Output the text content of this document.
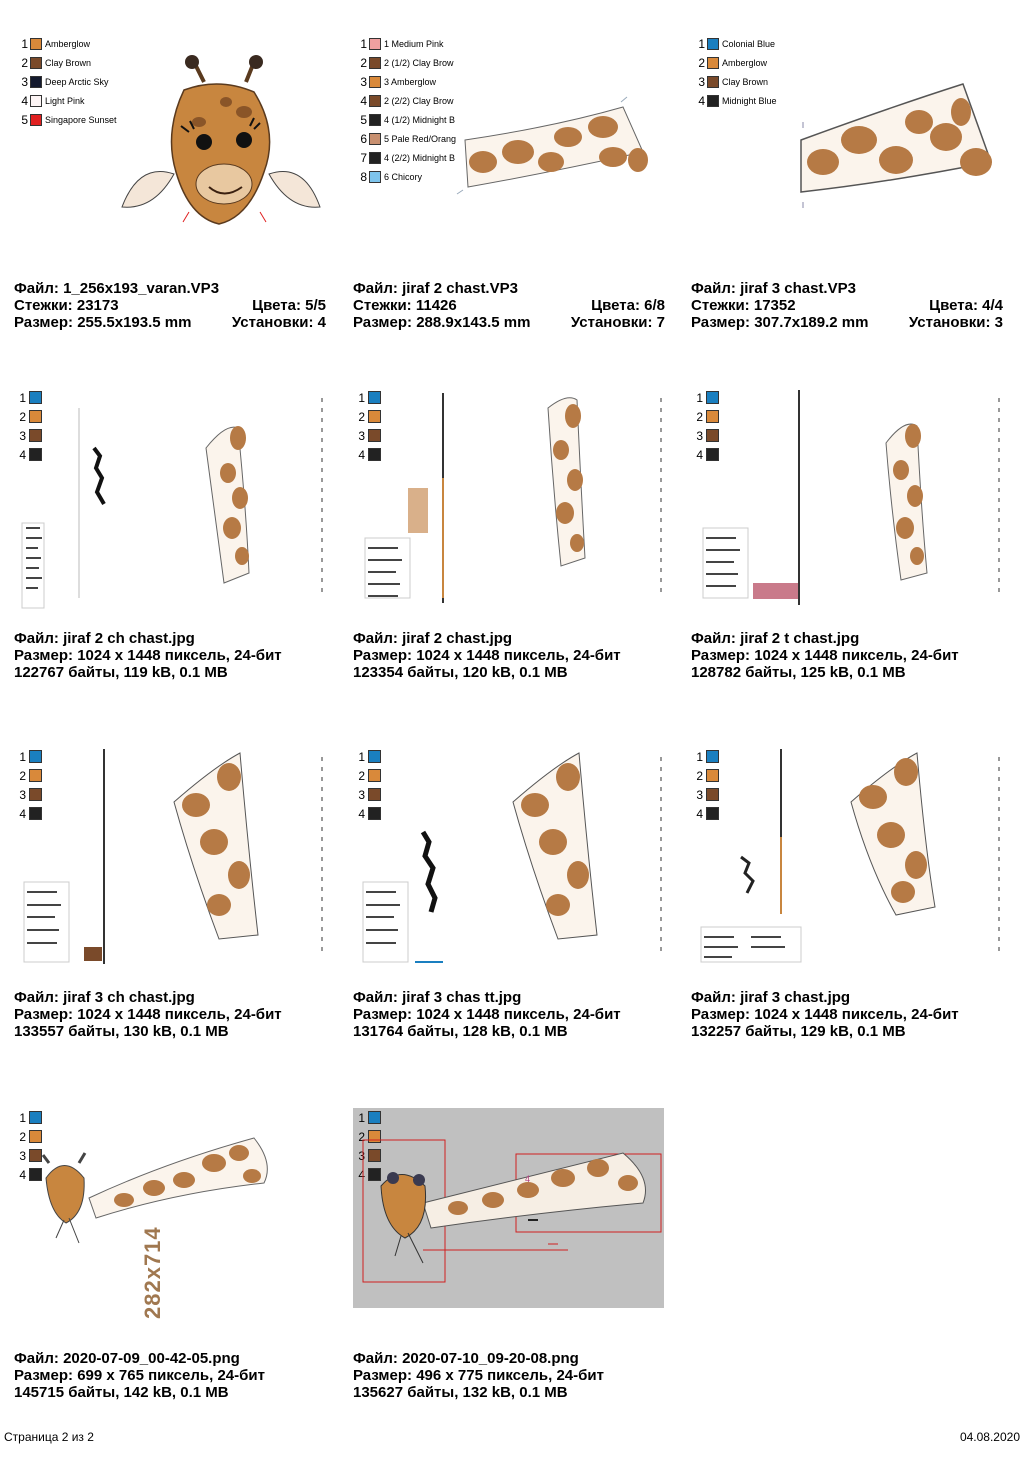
1 Amberglow
2 Clay Brown
3 Deep Arctic Sky
4 Light Pink
5 Singapore Sunset
Файл: 1_256x193_varan.VP3
Стежки: 23173	Цвета: 5/5
Размер: 255.5x193.5 mm	Установки: 4
1 1 Medium Pink
2 2 (1/2) Clay Brow
3 3 Amberglow
4 2 (2/2) Clay Brow
5 4 (1/2) Midnight B
6 5 Pale Red/Orang
7 4 (2/2) Midnight B
8 6 Chicory
Файл: jiraf 2 chast.VP3
Стежки: 11426	Цвета: 6/8
Размер: 288.9x143.5 mm	Установки: 7
1 Colonial Blue
2 Amberglow
3 Clay Brown
4 Midnight Blue
Файл: jiraf 3 chast.VP3
Стежки: 17352	Цвета: 4/4
Размер: 307.7x189.2 mm	Установки: 3
1
2
3
4
Файл: jiraf 2 ch chast.jpg
Размер: 1024 x 1448 пиксель, 24-бит
122767 байты, 119 kB, 0.1 MB
1
2
3
4
Файл: jiraf 2 chast.jpg
Размер: 1024 x 1448 пиксель, 24-бит
123354 байты, 120 kB, 0.1 MB
1
2
3
4
Файл: jiraf 2 t chast.jpg
Размер: 1024 x 1448 пиксель, 24-бит
128782 байты, 125 kB, 0.1 MB
1
2
3
4
Файл: jiraf 3 ch chast.jpg
Размер: 1024 x 1448 пиксель, 24-бит
133557 байты, 130 kB, 0.1 MB
1
2
3
4
Файл: jiraf 3 chas tt.jpg
Размер: 1024 x 1448 пиксель, 24-бит
131764 байты, 128 kB, 0.1 MB
1
2
3
4
Файл: jiraf 3 chast.jpg
Размер: 1024 x 1448 пиксель, 24-бит
132257 байты, 129 kB, 0.1 MB
1
2
3
4
282x714
Файл: 2020-07-09_00-42-05.png
Размер: 699 x 765 пиксель, 24-бит
145715 байты, 142 kB, 0.1 MB
1
2
3
4	4
Файл: 2020-07-10_09-20-08.png
Размер: 496 x 775 пиксель, 24-бит
135627 байты, 132 kB, 0.1 MB
Страница 2 из 2	04.08.2020
